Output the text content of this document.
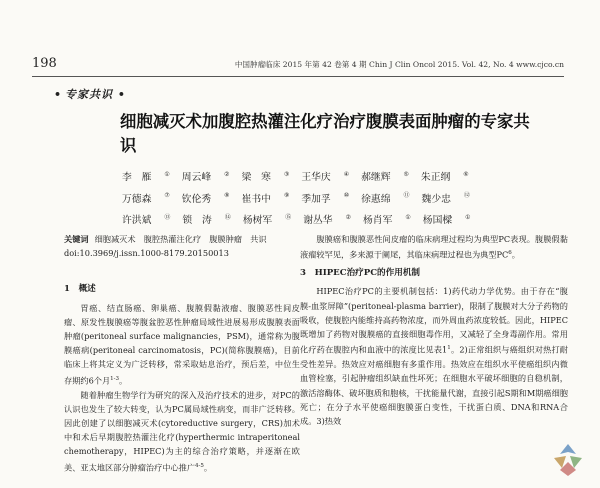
198	中国肿瘤临床 2015 年第 42 卷第 4 期 Chin J Clin Oncol 2015. Vol. 42, No. 4 www.cjco.cn
• 专家共识 •
细胞减灭术加腹腔热灌注化疗治疗腹膜表面肿瘤的专家共识
李　雁 ① 周云峰 ② 梁　寒 ③ 王华庆 ④ 郝继辉 ⑤ 朱正纲 ⑥万德森 ⑦ 钦伦秀 ⑧ 崔书中 ⑨ 季加孚 ⑩ 徐惠绵 ⑪ 魏少忠 ⑫许洪斌 ⑬ 锁　涛 ⑭ 杨树军 ⑮ 谢丛华 ② 杨肖军 ① 杨国樑 ①

关键词 细胞减灭术　腹腔热灌注化疗　腹膜肿瘤　共识

doi:10.3969/j.issn.1000-8179.20150013

1　概述

胃癌、结直肠癌、卵巢癌、腹膜假黏液瘤、腹膜恶性间皮瘤、原发性腹膜癌等腹盆腔恶性肿瘤局域性进展易形成腹膜表面肿瘤(peritoneal surface malignancies，PSM)，通常称为腹膜癌病(peritoneal carcinomatosis，PC)(简称腹膜癌)，目前临床上将其定义为广泛转移，常采取姑息治疗，预后差，中位生存期约6个月$^{1-3}$。

随着肿瘤生物学行为研究的深入及治疗技术的进步，对PC的认识也发生了较大转变，认为PC属局域性病变，而非广泛转移。因此创建了以细胞减灭术(cytoreductive surgery，CRS)加术中和术后早期腹腔热灌注化疗(hyperthermic intraperitoneal chemotherapy，HIPEC)为主的综合治疗策略，并逐渐在欧美、亚太地区部分肿瘤治疗中心推广$^{4-5}$。

腹膜癌和腹膜恶性间皮瘤的临床病理过程均为典型PC表现。腹膜假黏液瘤较罕见，多来源于阑尾，其临床病理过程也为典型$PC^6$。

3　HIPEC治疗PC的作用机制

HIPEC治疗PC的主要机制包括：1)药代动力学优势。由于存在“腹膜-血浆屏障”(peritoneal-plasma barrier)，限制了腹膜对大分子药物的吸收，使腹腔内能维持高药物浓度，而外周血药浓度较低。因此，HIPEC既增加了药物对腹膜癌的直接细胞毒作用，又减轻了全身毒副作用。常用化疗药在腹腔内和血液中的浓度比见表$1^1$。2)正常组织与癌组织对热打耐受性差异。热效应对癌细胞有多重作用。热效应在组织水平使癌组织内微血管栓塞，引起肿瘤组织缺血性坏死；在细胞水平破坏细胞的自稳机制，激活溶酶体、破坏胞质和胞核，干扰能量代谢，直接引起S期和M期癌细胞死亡；在分子水平使癌细胞膜蛋白变性，干扰蛋白质、DNA和RNA合成。3)热效
